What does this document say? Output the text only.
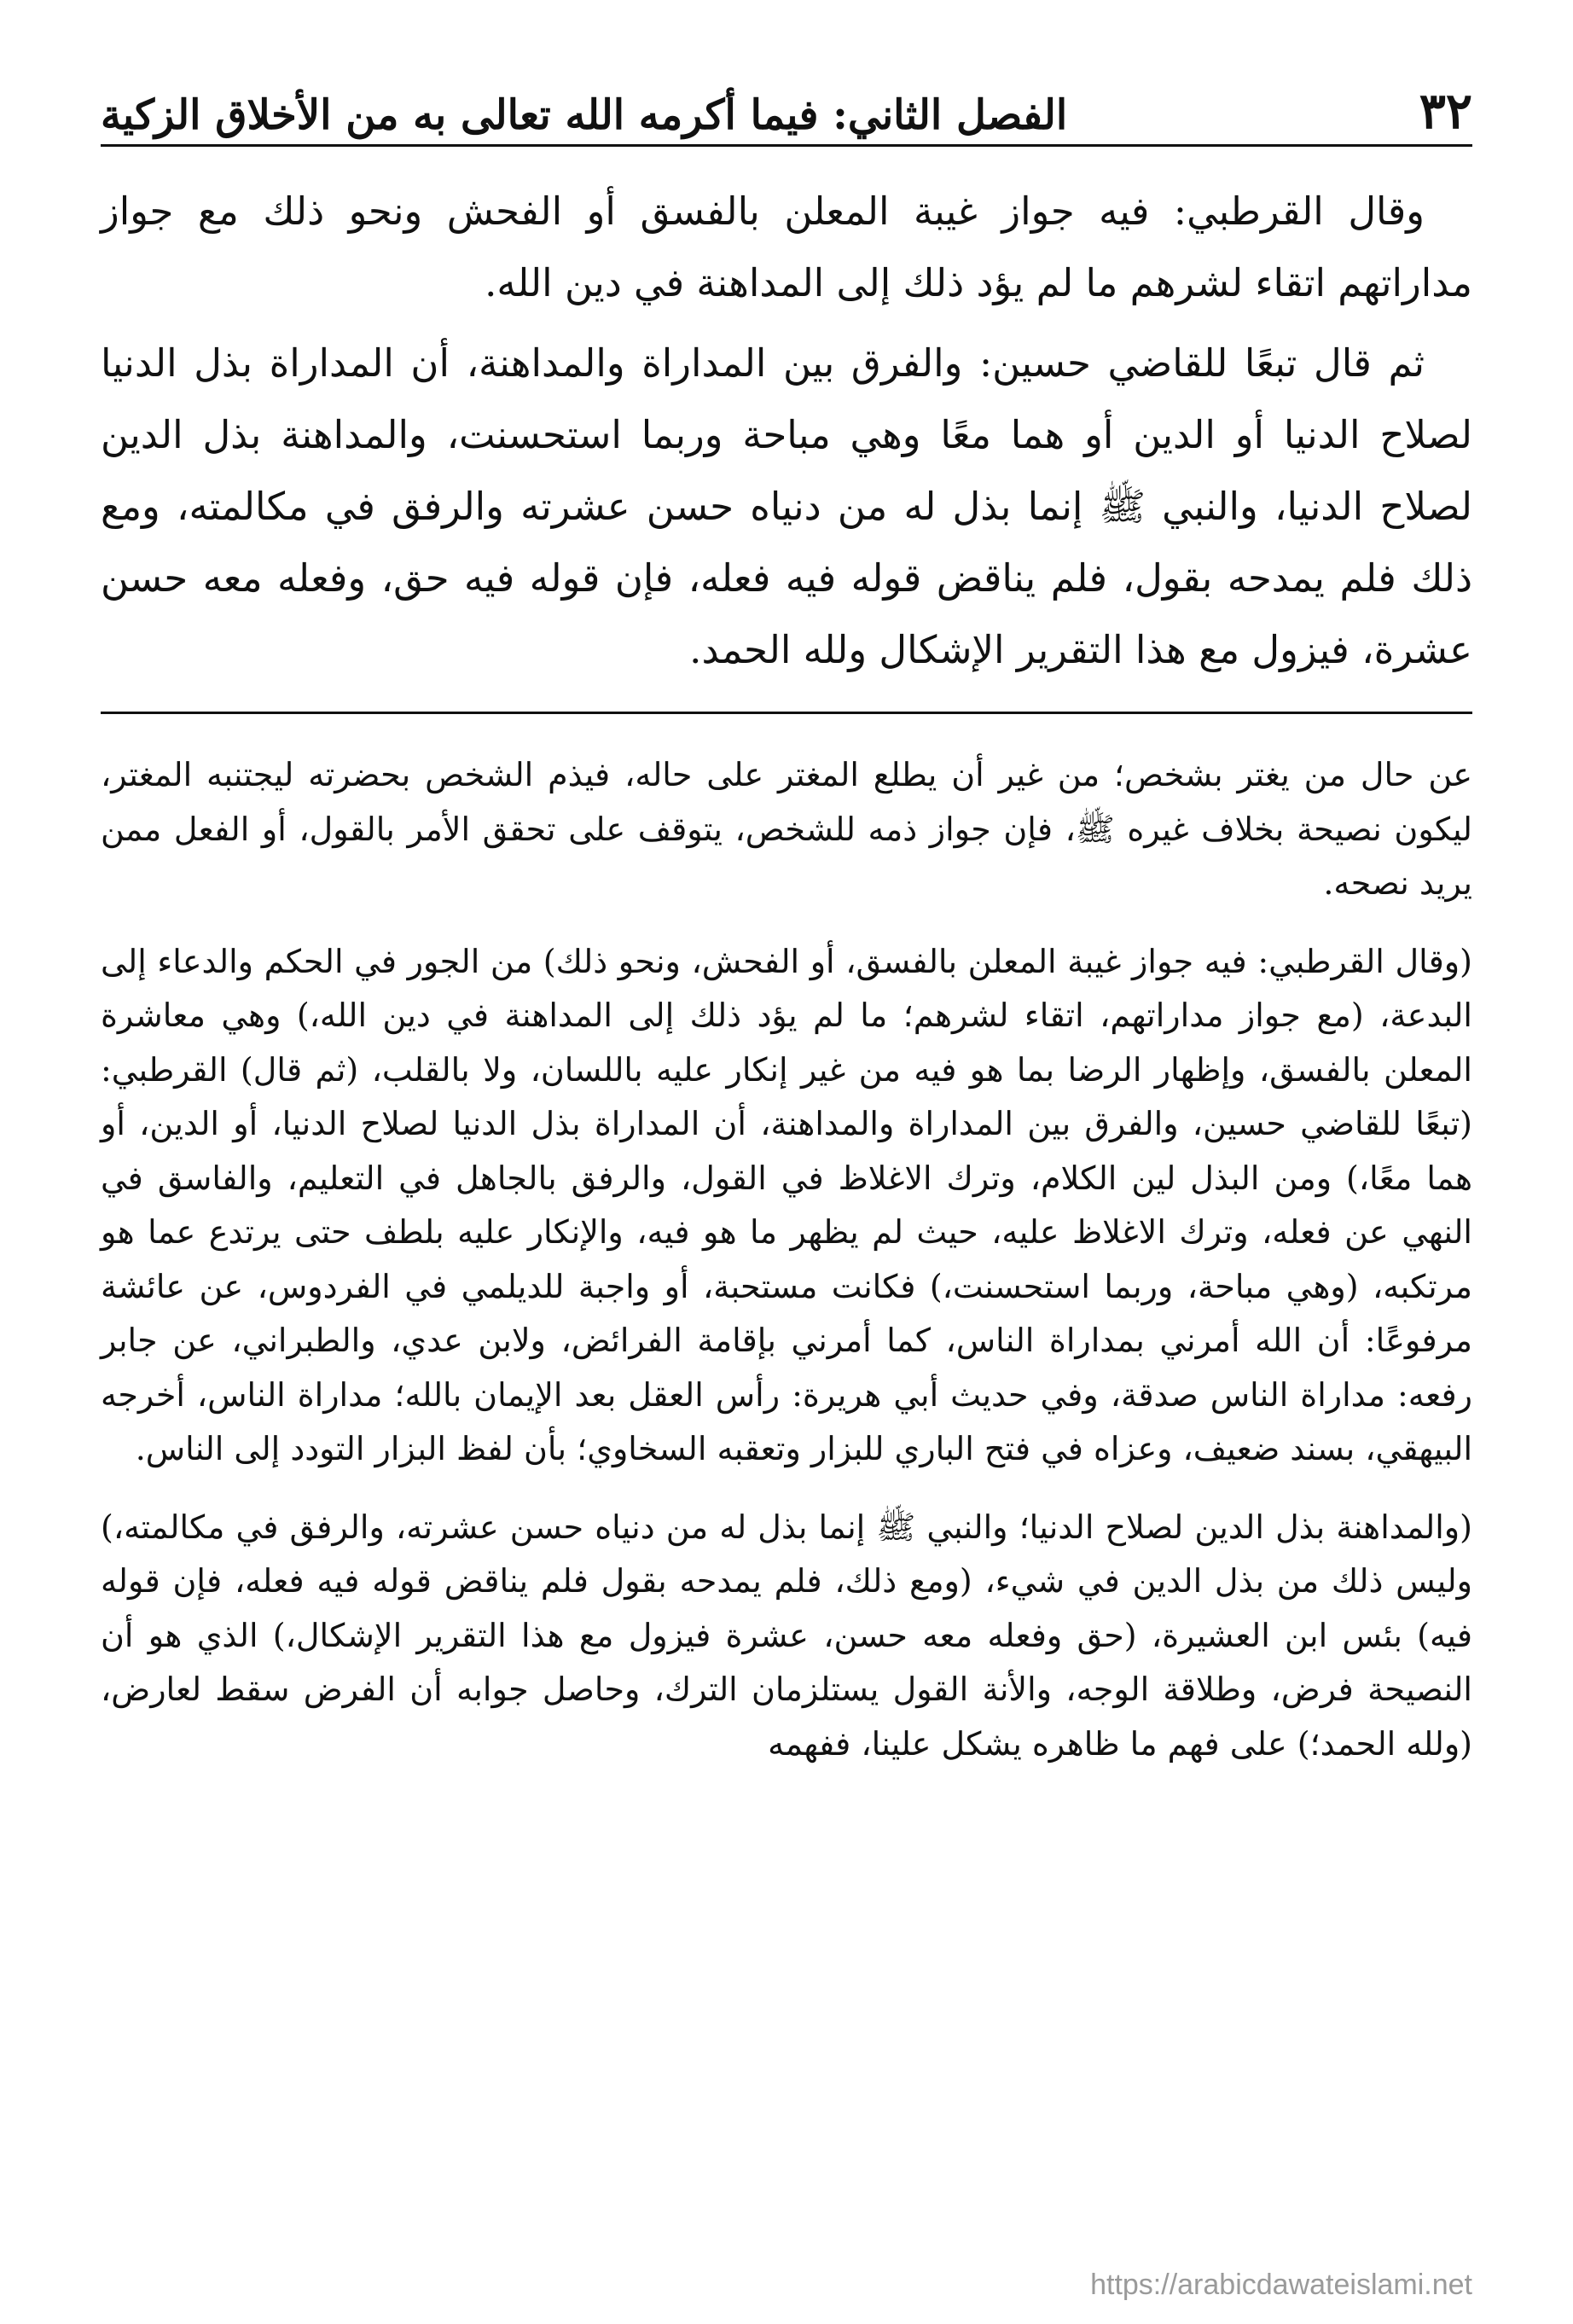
٣٢
الفصل الثاني: فيما أكرمه الله تعالى به من الأخلاق الزكية

وقال القرطبي: فيه جواز غيبة المعلن بالفسق أو الفحش ونحو ذلك مع جواز مداراتهم اتقاء لشرهم ما لم يؤد ذلك إلى المداهنة في دين الله.

ثم قال تبعًا للقاضي حسين: والفرق بين المداراة والمداهنة، أن المداراة بذل الدنيا لصلاح الدنيا أو الدين أو هما معًا وهي مباحة وربما استحسنت، والمداهنة بذل الدين لصلاح الدنيا، والنبي ﷺ إنما بذل له من دنياه حسن عشرته والرفق في مكالمته، ومع ذلك فلم يمدحه بقول، فلم يناقض قوله فيه فعله، فإن قوله فيه حق، وفعله معه حسن عشرة، فيزول مع هذا التقرير الإشكال ولله الحمد.

عن حال من يغتر بشخص؛ من غير أن يطلع المغتر على حاله، فيذم الشخص بحضرته ليجتنبه المغتر، ليكون نصيحة بخلاف غيره ﷺ، فإن جواز ذمه للشخص، يتوقف على تحقق الأمر بالقول، أو الفعل ممن يريد نصحه.

(وقال القرطبي: فيه جواز غيبة المعلن بالفسق، أو الفحش، ونحو ذلك) من الجور في الحكم والدعاء إلى البدعة، (مع جواز مداراتهم، اتقاء لشرهم؛ ما لم يؤد ذلك إلى المداهنة في دين الله،) وهي معاشرة المعلن بالفسق، وإظهار الرضا بما هو فيه من غير إنكار عليه باللسان، ولا بالقلب، (ثم قال) القرطبي: (تبعًا للقاضي حسين، والفرق بين المداراة والمداهنة، أن المداراة بذل الدنيا لصلاح الدنيا، أو الدين، أو هما معًا،) ومن البذل لين الكلام، وترك الاغلاظ في القول، والرفق بالجاهل في التعليم، والفاسق في النهي عن فعله، وترك الاغلاظ عليه، حيث لم يظهر ما هو فيه، والإنكار عليه بلطف حتى يرتدع عما هو مرتكبه، (وهي مباحة، وربما استحسنت،) فكانت مستحبة، أو واجبة للديلمي في الفردوس، عن عائشة مرفوعًا: أن الله أمرني بمداراة الناس، كما أمرني بإقامة الفرائض، ولابن عدي، والطبراني، عن جابر رفعه: مداراة الناس صدقة، وفي حديث أبي هريرة: رأس العقل بعد الإيمان بالله؛ مداراة الناس، أخرجه البيهقي، بسند ضعيف، وعزاه في فتح الباري للبزار وتعقبه السخاوي؛ بأن لفظ البزار التودد إلى الناس.

(والمداهنة بذل الدين لصلاح الدنيا؛ والنبي ﷺ إنما بذل له من دنياه حسن عشرته، والرفق في مكالمته،) وليس ذلك من بذل الدين في شيء، (ومع ذلك، فلم يمدحه بقول فلم يناقض قوله فيه فعله، فإن قوله فيه) بئس ابن العشيرة، (حق وفعله معه حسن، عشرة فيزول مع هذا التقرير الإشكال،) الذي هو أن النصيحة فرض، وطلاقة الوجه، والأنة القول يستلزمان الترك، وحاصل جوابه أن الفرض سقط لعارض، (ولله الحمد؛) على فهم ما ظاهره يشكل علينا، ففهمه

https://arabicdawateislami.net
